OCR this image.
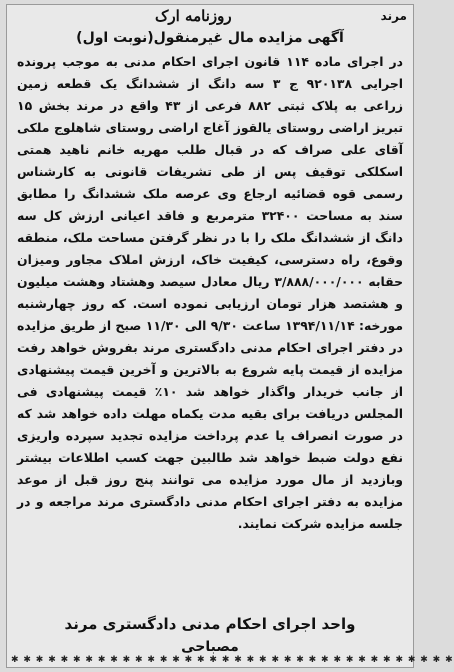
روزنامه ارک	مرند
آگهی مزایده مال غیرمنقول(نوبت اول)

در اجرای ماده ۱۱۴ قانون اجرای احکام مدنی به موجب پرونده اجرایی ۹۲۰۱۳۸ ج ۳ سه دانگ از ششدانگ یک قطعه زمین زراعی به پلاک ثبتی ۸۸۲ فرعی از ۴۳ واقع در مرند بخش ۱۵ تبریز اراضی روستای یالقوز آغاج اراضی روستای شاهلوج ملکی آقای علی صراف که در قبال طلب مهریه خانم ناهید همتی اسکلکی توقیف پس از طی تشریفات قانونی به کارشناس رسمی قوه قضائیه ارجاع وی عرصه ملک ششدانگ را مطابق سند به مساحت ۳۲۴۰۰ مترمربع و فاقد اعیانی ارزش کل سه دانگ از ششدانگ ملک را با در نظر گرفتن مساحت ملک، منطقه وقوع، راه دسترسی، کیفیت خاک، ارزش املاک مجاور ومیزان حقابه ۳/۸۸۸/۰۰۰/۰۰۰ ریال معادل سیصد وهشتاد وهشت میلیون و هشتصد هزار تومان ارزیابی نموده است. که روز چهارشنبه مورخه: ۱۳۹۴/۱۱/۱۴ ساعت ۹/۳۰ الی ۱۱/۳۰ صبح از طریق مزایده در دفتر اجرای احکام مدنی دادگستری مرند بفروش خواهد رفت مزایده از قیمت پایه شروع به بالاترین و آخرین قیمت پیشنهادی از جانب خریدار واگذار خواهد شد ۱۰٪ قیمت پیشنهادی فی المجلس دریافت برای بقیه مدت یکماه مهلت داده خواهد شد که در صورت انصراف یا عدم پرداخت مزایده تجدید سپرده واریزی نفع دولت ضبط خواهد شد طالبین جهت کسب اطلاعات بیشتر وبازدید از مال مورد مزایده می توانند پنج روز قبل از موعد مزایده به دفتر اجرای احکام مدنی دادگستری مرند مراجعه و در جلسه مزایده شرکت نمایند.

واحد اجرای احکام مدنی دادگستری مرند
مصباحی
✱ ✱ ✱ ✱ ✱ ✱ ✱ ✱ ✱ ✱ ✱ ✱ ✱ ✱ ✱ ✱ ✱ ✱ ✱ ✱ ✱ ✱ ✱ ✱ ✱ ✱ ✱ ✱ ✱ ✱ ✱ ✱ ✱ ✱ ✱ ✱
